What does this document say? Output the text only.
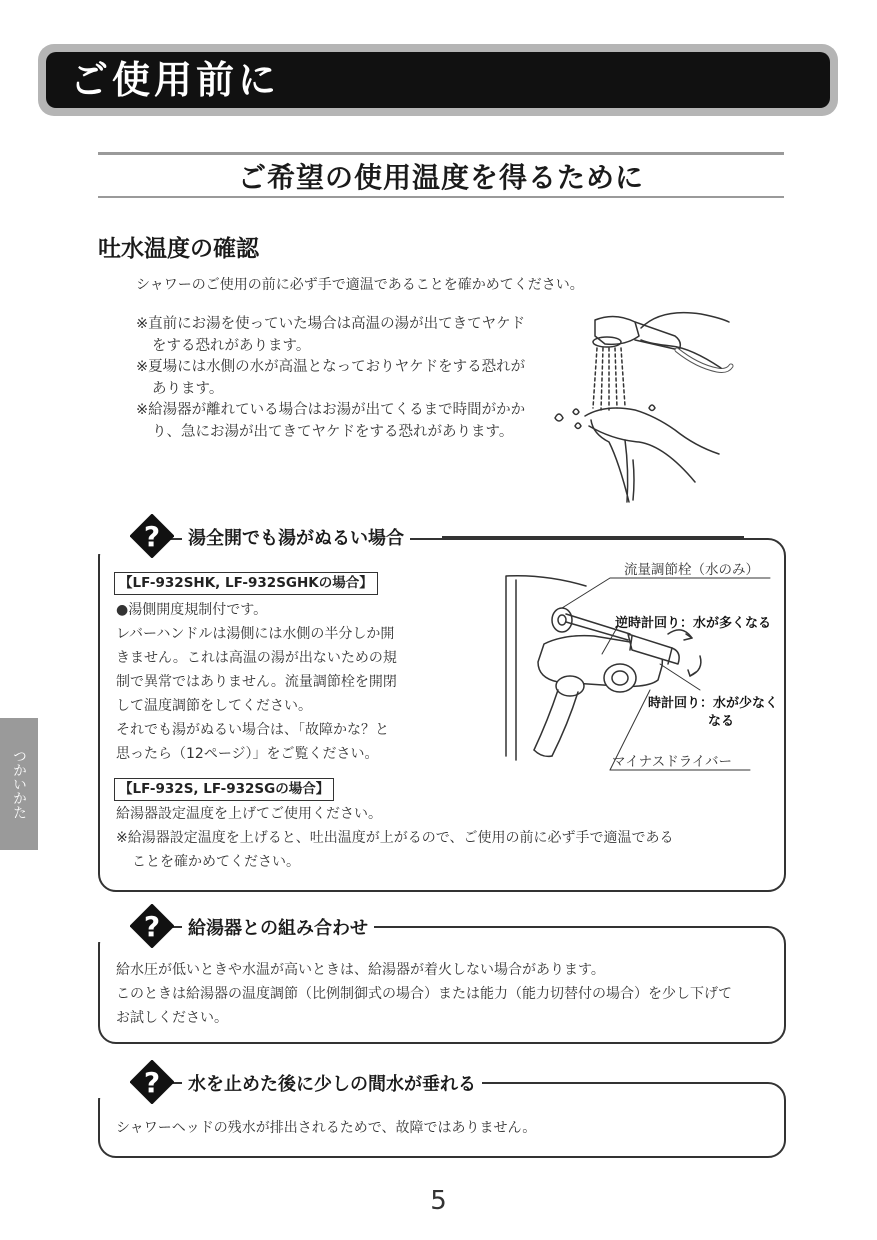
ご使用前に
ご希望の使用温度を得るために
吐水温度の確認
シャワーのご使用の前に必ず手で適温であることを確かめてください。
※直前にお湯を使っていた場合は高温の湯が出てきてヤケドをする恐れがあります。
※夏場には水側の水が高温となっておりヤケドをする恐れがあります。
※給湯器が離れている場合はお湯が出てくるまで時間がかかり、急にお湯が出てきてヤケドをする恐れがあります。
?	湯全開でも湯がぬるい場合
【LF-932SHK, LF-932SGHKの場合】
●湯側開度規制付です。
レバーハンドルは湯側には水側の半分しか開
きません。これは高温の湯が出ないための規
制で異常ではありません。流量調節栓を開閉
して温度調節をしてください。
それでも湯がぬるい場合は、「故障かな？と
思ったら（12ページ）」をご覧ください。
流量調節栓（水のみ）
逆時計回り：水が多くなる
時計回り：水が少なく
なる
マイナスドライバー
【LF-932S, LF-932SGの場合】
給湯器設定温度を上げてご使用ください。
※給湯器設定温度を上げると、吐出温度が上がるので、ご使用の前に必ず手で適温である
ことを確かめてください。
?	給湯器との組み合わせ
給水圧が低いときや水温が高いときは、給湯器が着火しない場合があります。
このときは給湯器の温度調節（比例制御式の場合）または能力（能力切替付の場合）を少し下げて
お試しください。
?	水を止めた後に少しの間水が垂れる
シャワーヘッドの残水が排出されるためで、故障ではありません。
つかいかた
5
